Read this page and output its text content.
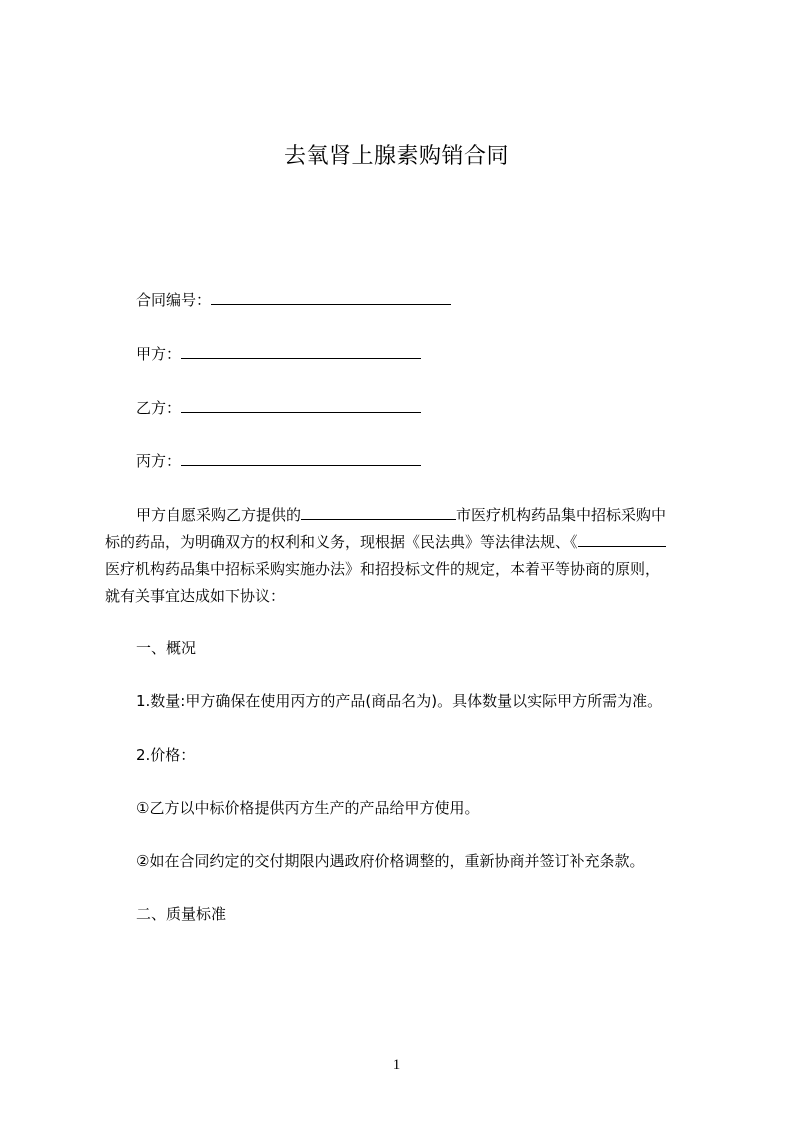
去氧肾上腺素购销合同
合同编号：
甲方：
乙方：
丙方：
甲方自愿采购乙方提供的	市医疗机构药品集中招标采购中
标的药品，为明确双方的权利和义务，现根据《民法典》等法律法规、《
医疗机构药品集中招标采购实施办法》和招投标文件的规定，本着平等协商的原则，
就有关事宜达成如下协议：
一、概况
1.数量:甲方确保在使用丙方的产品(商品名为)。具体数量以实际甲方所需为准。
2.价格：
①乙方以中标价格提供丙方生产的产品给甲方使用。
②如在合同约定的交付期限内遇政府价格调整的，重新协商并签订补充条款。
二、质量标准
1
